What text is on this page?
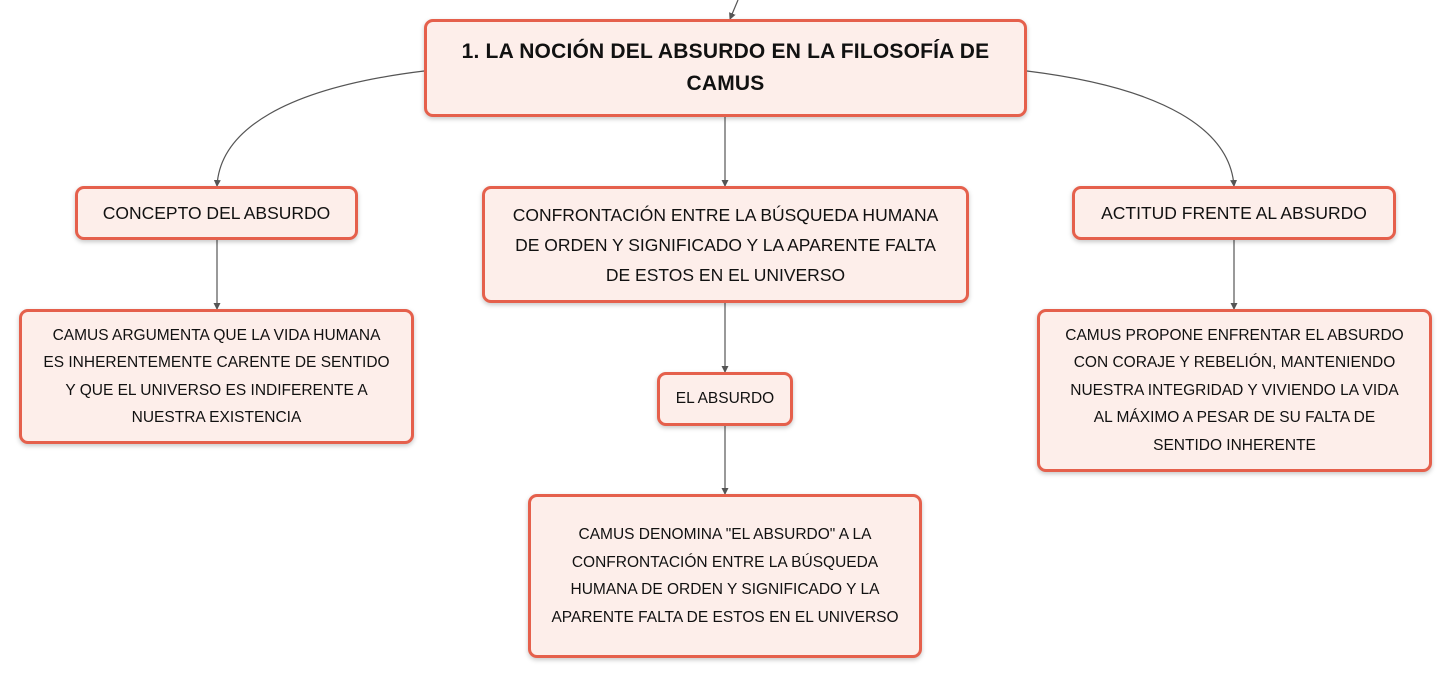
1. LA NOCIÓN DEL ABSURDO EN LA FILOSOFÍA DE
CAMUS
CONCEPTO DEL ABSURDO	CONFRONTACIÓN ENTRE LA BÚSQUEDA HUMANA
DE ORDEN Y SIGNIFICADO Y LA APARENTE FALTA
DE ESTOS EN EL UNIVERSO
ACTITUD FRENTE AL ABSURDO
CAMUS ARGUMENTA QUE LA VIDA HUMANA
ES INHERENTEMENTE CARENTE DE SENTIDO
Y QUE EL UNIVERSO ES INDIFERENTE A
NUESTRA EXISTENCIA
EL ABSURDO
CAMUS PROPONE ENFRENTAR EL ABSURDO
CON CORAJE Y REBELIÓN, MANTENIENDO
NUESTRA INTEGRIDAD Y VIVIENDO LA VIDA
AL MÁXIMO A PESAR DE SU FALTA DE
SENTIDO INHERENTE
CAMUS DENOMINA "EL ABSURDO" A LA
CONFRONTACIÓN ENTRE LA BÚSQUEDA
HUMANA DE ORDEN Y SIGNIFICADO Y LA
APARENTE FALTA DE ESTOS EN EL UNIVERSO
